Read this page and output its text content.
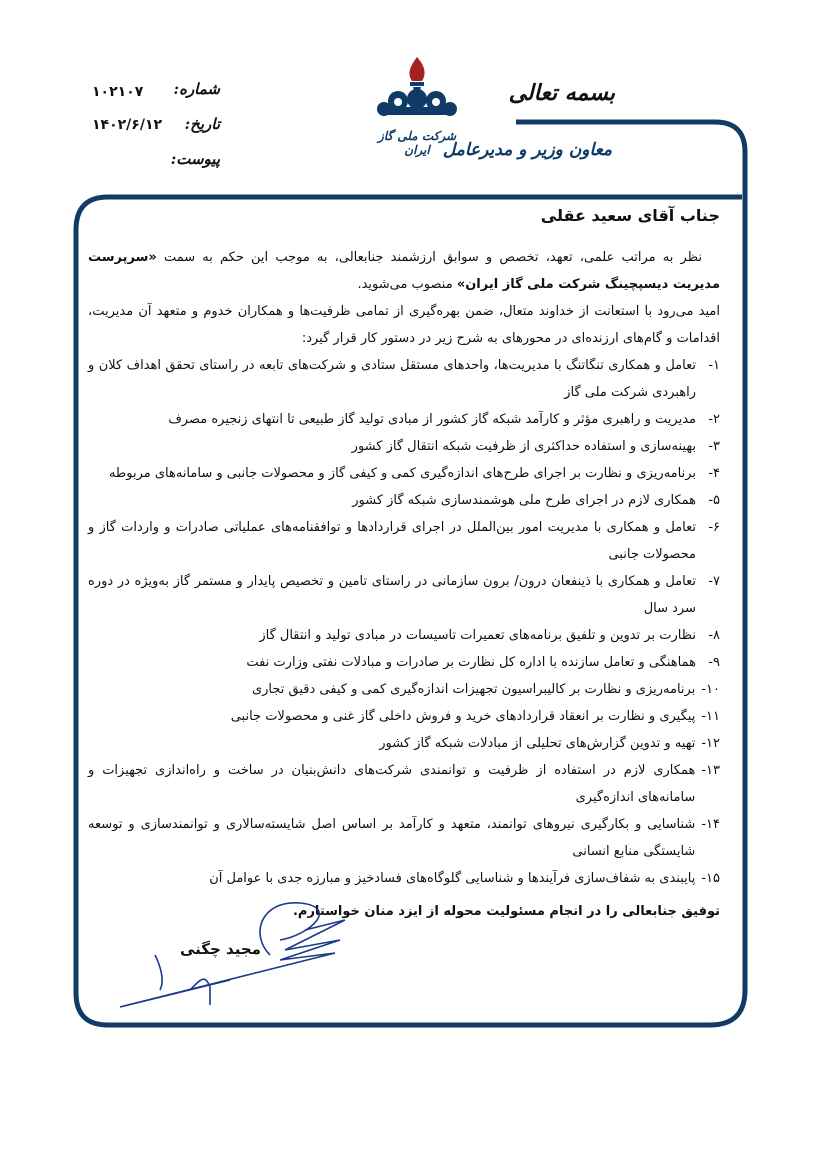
بسمه تعالی
معاون وزیر و مدیرعامل
شرکت ملی گاز ایران
شماره:
۱۰۲۱۰۷
تاریخ:
۱۴۰۲/۶/۱۲
پیوست:
جناب آقای سعید عقلی

نظر به مراتب علمی، تعهد، تخصص و سوابق ارزشمند جنابعالی، به موجب این حکم به سمت «سرپرست مدیریت دیسپچینگ شرکت ملی گاز ایران» منصوب می‌شوید.

امید می‌رود با استعانت از خداوند متعال، ضمن بهره‌گیری از تمامی ظرفیت‌ها و همکاران خدوم و متعهد آن مدیریت، اقدامات و گام‌های ارزنده‌ای در محورهای به شرح زیر در دستور کار قرار گیرد:

۱-
تعامل و همکاری تنگاتنگ با مدیریت‌ها، واحدهای مستقل ستادی و شرکت‌های تابعه در راستای تحقق اهداف کلان و راهبردی شرکت ملی گاز
۲-
مدیریت و راهبری مؤثر و کارآمد شبکه گاز کشور از مبادی تولید گاز طبیعی تا انتهای زنجیره مصرف
۳-
بهینه‌سازی و استفاده حداکثری از ظرفیت شبکه انتقال گاز کشور
۴-
برنامه‌ریزی و نظارت بر اجرای طرح‌های اندازه‌گیری کمی و کیفی گاز و محصولات جانبی و سامانه‌های مربوطه
۵-
همکاری لازم در اجرای طرح ملی هوشمندسازی شبکه گاز کشور
۶-
تعامل و همکاری با مدیریت امور بین‌الملل در اجرای قراردادها و توافقنامه‌های عملیاتی صادرات و واردات گاز و محصولات جانبی
۷-
تعامل و همکاری با ذینفعان درون/ برون سازمانی در راستای تامین و تخصیص پایدار و مستمر گاز به‌ویژه در دوره سرد سال
۸-
نظارت بر تدوین و تلفیق برنامه‌های تعمیرات تاسیسات در مبادی تولید و انتقال گاز
۹-
هماهنگی و تعامل سازنده با اداره کل نظارت بر صادرات و مبادلات نفتی وزارت نفت
۱۰-
برنامه‌ریزی و نظارت بر کالیبراسیون تجهیزات اندازه‌گیری کمی و کیفی دقیق تجاری
۱۱-
پیگیری و نظارت بر انعقاد قراردادهای خرید و فروش داخلی گاز غنی و محصولات جانبی
۱۲-
تهیه و تدوین گزارش‌های تحلیلی از مبادلات شبکه گاز کشور
۱۳-
همکاری لازم در استفاده از ظرفیت و توانمندی شرکت‌های دانش‌بنیان در ساخت و راه‌اندازی تجهیزات و سامانه‌های اندازه‌گیری
۱۴-
شناسایی و بکارگیری نیروهای توانمند، متعهد و کارآمد بر اساس اصل شایسته‌سالاری و توانمندسازی و توسعه شایستگی منابع انسانی
۱۵-
پایبندی به شفاف‌سازی فرآیندها و شناسایی گلوگاه‌های فسادخیز و مبارزه جدی با عوامل آن
توفیق جنابعالی را در انجام مسئولیت محوله از ایزد منان خواستارم.
مجید چگنی
